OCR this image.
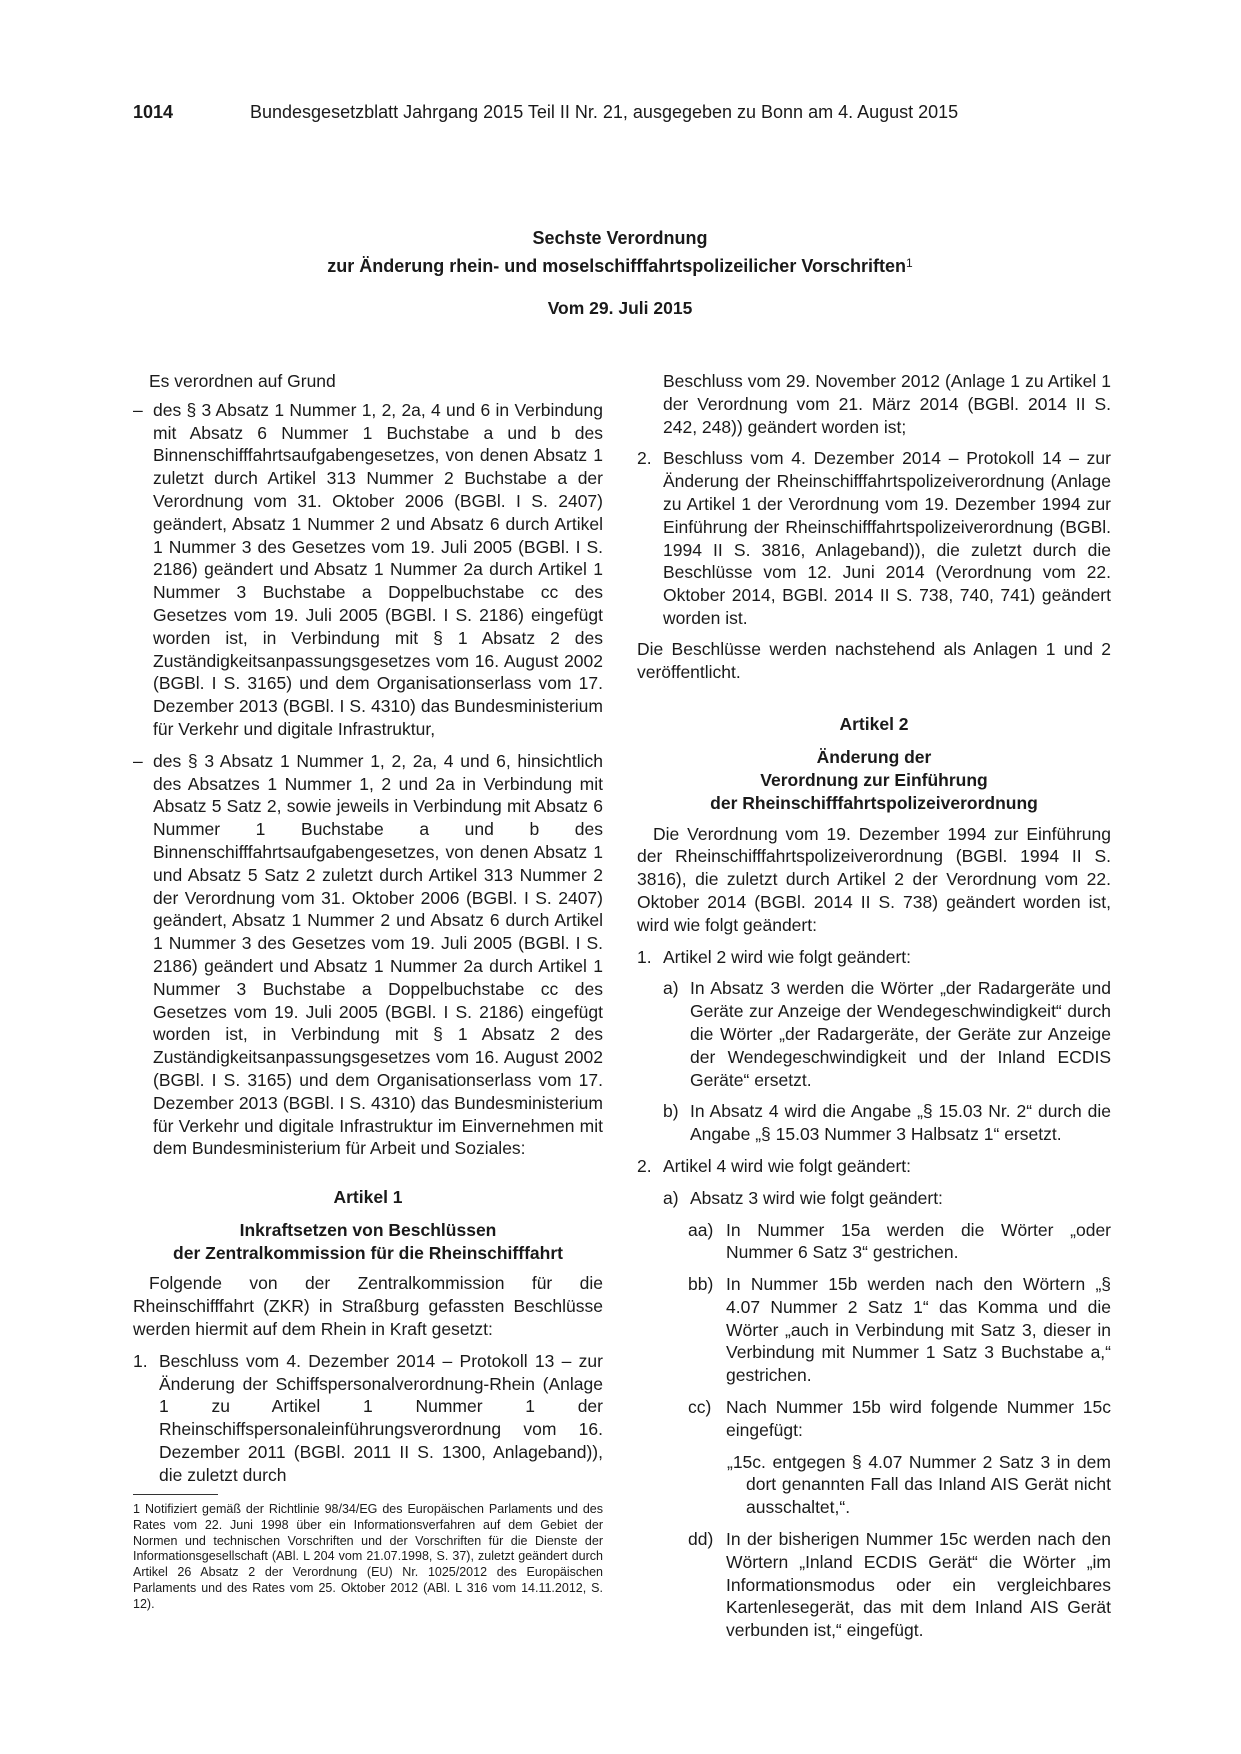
1014	Bundesgesetzblatt Jahrgang 2015 Teil II Nr. 21, ausgegeben zu Bonn am 4. August 2015
Sechste Verordnung
zur Änderung rhein- und moselschifffahrtspolizeilicher Vorschriften$^1$
Vom 29. Juli 2015

Es verordnen auf Grund

– des § 3 Absatz 1 Nummer 1, 2, 2a, 4 und 6 in Verbindung mit Absatz 6 Nummer 1 Buchstabe a und b des Binnenschifffahrtsaufgabengesetzes, von denen Absatz 1 zuletzt durch Artikel 313 Nummer 2 Buchstabe a der Verordnung vom 31. Oktober 2006 (BGBl. I S. 2407) geändert, Absatz 1 Nummer 2 und Absatz 6 durch Artikel 1 Nummer 3 des Gesetzes vom 19. Juli 2005 (BGBl. I S. 2186) geändert und Absatz 1 Nummer 2a durch Artikel 1 Nummer 3 Buchstabe a Doppelbuchstabe cc des Gesetzes vom 19. Juli 2005 (BGBl. I S. 2186) eingefügt worden ist, in Verbindung mit § 1 Absatz 2 des Zuständigkeitsanpassungsgesetzes vom 16. August 2002 (BGBl. I S. 3165) und dem Organisationserlass vom 17. Dezember 2013 (BGBl. I S. 4310) das Bundesministerium für Verkehr und digitale Infrastruktur,
– des § 3 Absatz 1 Nummer 1, 2, 2a, 4 und 6, hinsichtlich des Absatzes 1 Nummer 1, 2 und 2a in Verbindung mit Absatz 5 Satz 2, sowie jeweils in Verbindung mit Absatz 6 Nummer 1 Buchstabe a und b des Binnenschifffahrtsaufgabengesetzes, von denen Absatz 1 und Absatz 5 Satz 2 zuletzt durch Artikel 313 Nummer 2 der Verordnung vom 31. Oktober 2006 (BGBl. I S. 2407) geändert, Absatz 1 Nummer 2 und Absatz 6 durch Artikel 1 Nummer 3 des Gesetzes vom 19. Juli 2005 (BGBl. I S. 2186) geändert und Absatz 1 Nummer 2a durch Artikel 1 Nummer 3 Buchstabe a Doppelbuchstabe cc des Gesetzes vom 19. Juli 2005 (BGBl. I S. 2186) eingefügt worden ist, in Verbindung mit § 1 Absatz 2 des Zuständigkeitsanpassungsgesetzes vom 16. August 2002 (BGBl. I S. 3165) und dem Organisationserlass vom 17. Dezember 2013 (BGBl. I S. 4310) das Bundesministerium für Verkehr und digitale Infrastruktur im Einvernehmen mit dem Bundesministerium für Arbeit und Soziales:

Artikel 1

Inkraftsetzen von Beschlüssen
der Zentralkommission für die Rheinschifffahrt

Folgende von der Zentralkommission für die Rheinschifffahrt (ZKR) in Straßburg gefassten Beschlüsse werden hiermit auf dem Rhein in Kraft gesetzt:

1. Beschluss vom 4. Dezember 2014 – Protokoll 13 – zur Änderung der Schiffspersonalverordnung-Rhein (Anlage 1 zu Artikel 1 Nummer 1 der Rheinschiffspersonaleinführungsverordnung vom 16. Dezember 2011 (BGBl. 2011 II S. 1300, Anlageband)), die zuletzt durch
1 Notifiziert gemäß der Richtlinie 98/34/EG des Europäischen Parlaments und des Rates vom 22. Juni 1998 über ein Informationsverfahren auf dem Gebiet der Normen und technischen Vorschriften und der Vorschriften für die Dienste der Informationsgesellschaft (ABl. L 204 vom 21.07.1998, S. 37), zuletzt geändert durch Artikel 26 Absatz 2 der Verordnung (EU) Nr. 1025/2012 des Europäischen Parlaments und des Rates vom 25. Oktober 2012 (ABl. L 316 vom 14.11.2012, S. 12).
Beschluss vom 29. November 2012 (Anlage 1 zu Artikel 1 der Verordnung vom 21. März 2014 (BGBl. 2014 II S. 242, 248)) geändert worden ist;
2. Beschluss vom 4. Dezember 2014 – Protokoll 14 – zur Änderung der Rheinschifffahrtspolizeiverordnung (Anlage zu Artikel 1 der Verordnung vom 19. Dezember 1994 zur Einführung der Rheinschifffahrtspolizeiverordnung (BGBl. 1994 II S. 3816, Anlageband)), die zuletzt durch die Beschlüsse vom 12. Juni 2014 (Verordnung vom 22. Oktober 2014, BGBl. 2014 II S. 738, 740, 741) geändert worden ist.

Die Beschlüsse werden nachstehend als Anlagen 1 und 2 veröffentlicht.

Artikel 2

Änderung der
Verordnung zur Einführung
der Rheinschifffahrtspolizeiverordnung

Die Verordnung vom 19. Dezember 1994 zur Einführung der Rheinschifffahrtspolizeiverordnung (BGBl. 1994 II S. 3816), die zuletzt durch Artikel 2 der Verordnung vom 22. Oktober 2014 (BGBl. 2014 II S. 738) geändert worden ist, wird wie folgt geändert:

1. Artikel 2 wird wie folgt geändert:
a) In Absatz 3 werden die Wörter „der Radargeräte und Geräte zur Anzeige der Wendegeschwindigkeit“ durch die Wörter „der Radargeräte, der Geräte zur Anzeige der Wendegeschwindigkeit und der Inland ECDIS Geräte“ ersetzt.
b) In Absatz 4 wird die Angabe „§ 15.03 Nr. 2“ durch die Angabe „§ 15.03 Nummer 3 Halbsatz 1“ ersetzt.
2. Artikel 4 wird wie folgt geändert:
a) Absatz 3 wird wie folgt geändert:
aa) In Nummer 15a werden die Wörter „oder Nummer 6 Satz 3“ gestrichen.
bb) In Nummer 15b werden nach den Wörtern „§ 4.07 Nummer 2 Satz 1“ das Komma und die Wörter „auch in Verbindung mit Satz 3, dieser in Verbindung mit Nummer 1 Satz 3 Buchstabe a,“ gestrichen.
cc) Nach Nummer 15b wird folgende Nummer 15c eingefügt:
„15c. entgegen § 4.07 Nummer 2 Satz 3 in dem dort genannten Fall das Inland AIS Gerät nicht ausschaltet,“.
dd) In der bisherigen Nummer 15c werden nach den Wörtern „Inland ECDIS Gerät“ die Wörter „im Informationsmodus oder ein vergleichbares Kartenlesegerät, das mit dem Inland AIS Gerät verbunden ist,“ eingefügt.
